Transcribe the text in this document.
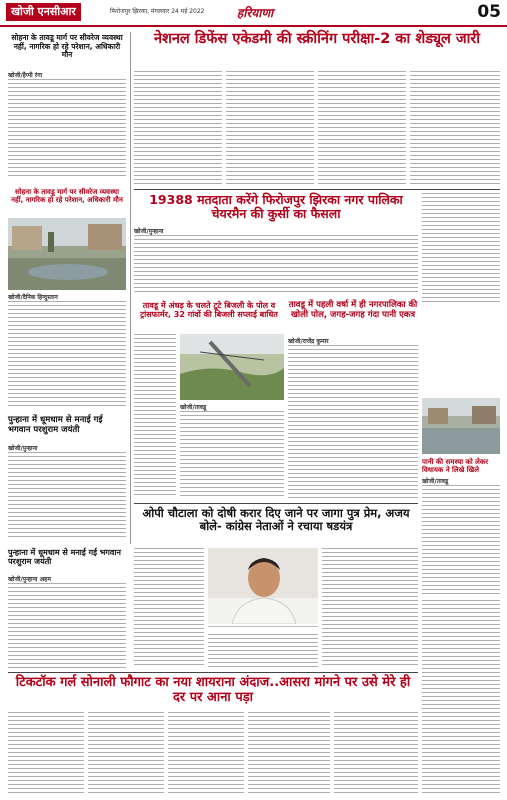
खोजी एनसीआर	फिरोजपुर झिरका, मंगलवार 24 मई 2022	हरियाणा	05
सोहना के तावडू मार्ग पर सीवरेज व्यवस्था नहीं, नागरिक हो रहे परेशान, अधिकारी मौन
खोजी/हैप्पी रंगा
सोहना के तावडू मार्ग पर सीवरेज व्यवस्था नहीं, नागरिक हो रहे परेशान, अधिकारी मौन
खोजी/दैनिक हिन्दुस्तान
पुन्हाना में धूमधाम से मनाई गई भगवान परशुराम जयंती
खोजी/पुन्हाना
नेशनल डिफेंस एकेडमी की स्क्रीनिंग परीक्षा-2 का शेड्यूल जारी
19388 मतदाता करेंगे फिरोजपुर झिरका नगर पालिका चेयरमैन की कुर्सी का फैसला
खोजी/पुन्हाना
पानी की समस्या को लेकर विधायक ने लिखे खिले
खोजी/तावडू
तावडू में अंधड़ के चलते टूटे बिजली के पोल व ट्रांसफार्मर, 32 गांवों की बिजली सप्लाई बाधित
खोजी/तावडू
तावडू में पहली वर्षा में ही नगरपालिका की खोली पोल, जगह-जगह गंदा पानी एकत्र
खोजी/राजेंद्र कुमार
ओपी चौटाला को दोषी करार दिए जाने पर जागा पुत्र प्रेम, अजय बोले- कांग्रेस नेताओं ने रचाया षडयंत्र
पुन्हाना में धूमधाम से मनाई गई भगवान परशुराम जयंती
खोजी/पुन्हाना अहम
टिकटॉक गर्ल सोनाली फौगाट का नया शायराना अंदाज..आसरा मांगने पर उसे मेरे ही दर पर आना पड़ा
